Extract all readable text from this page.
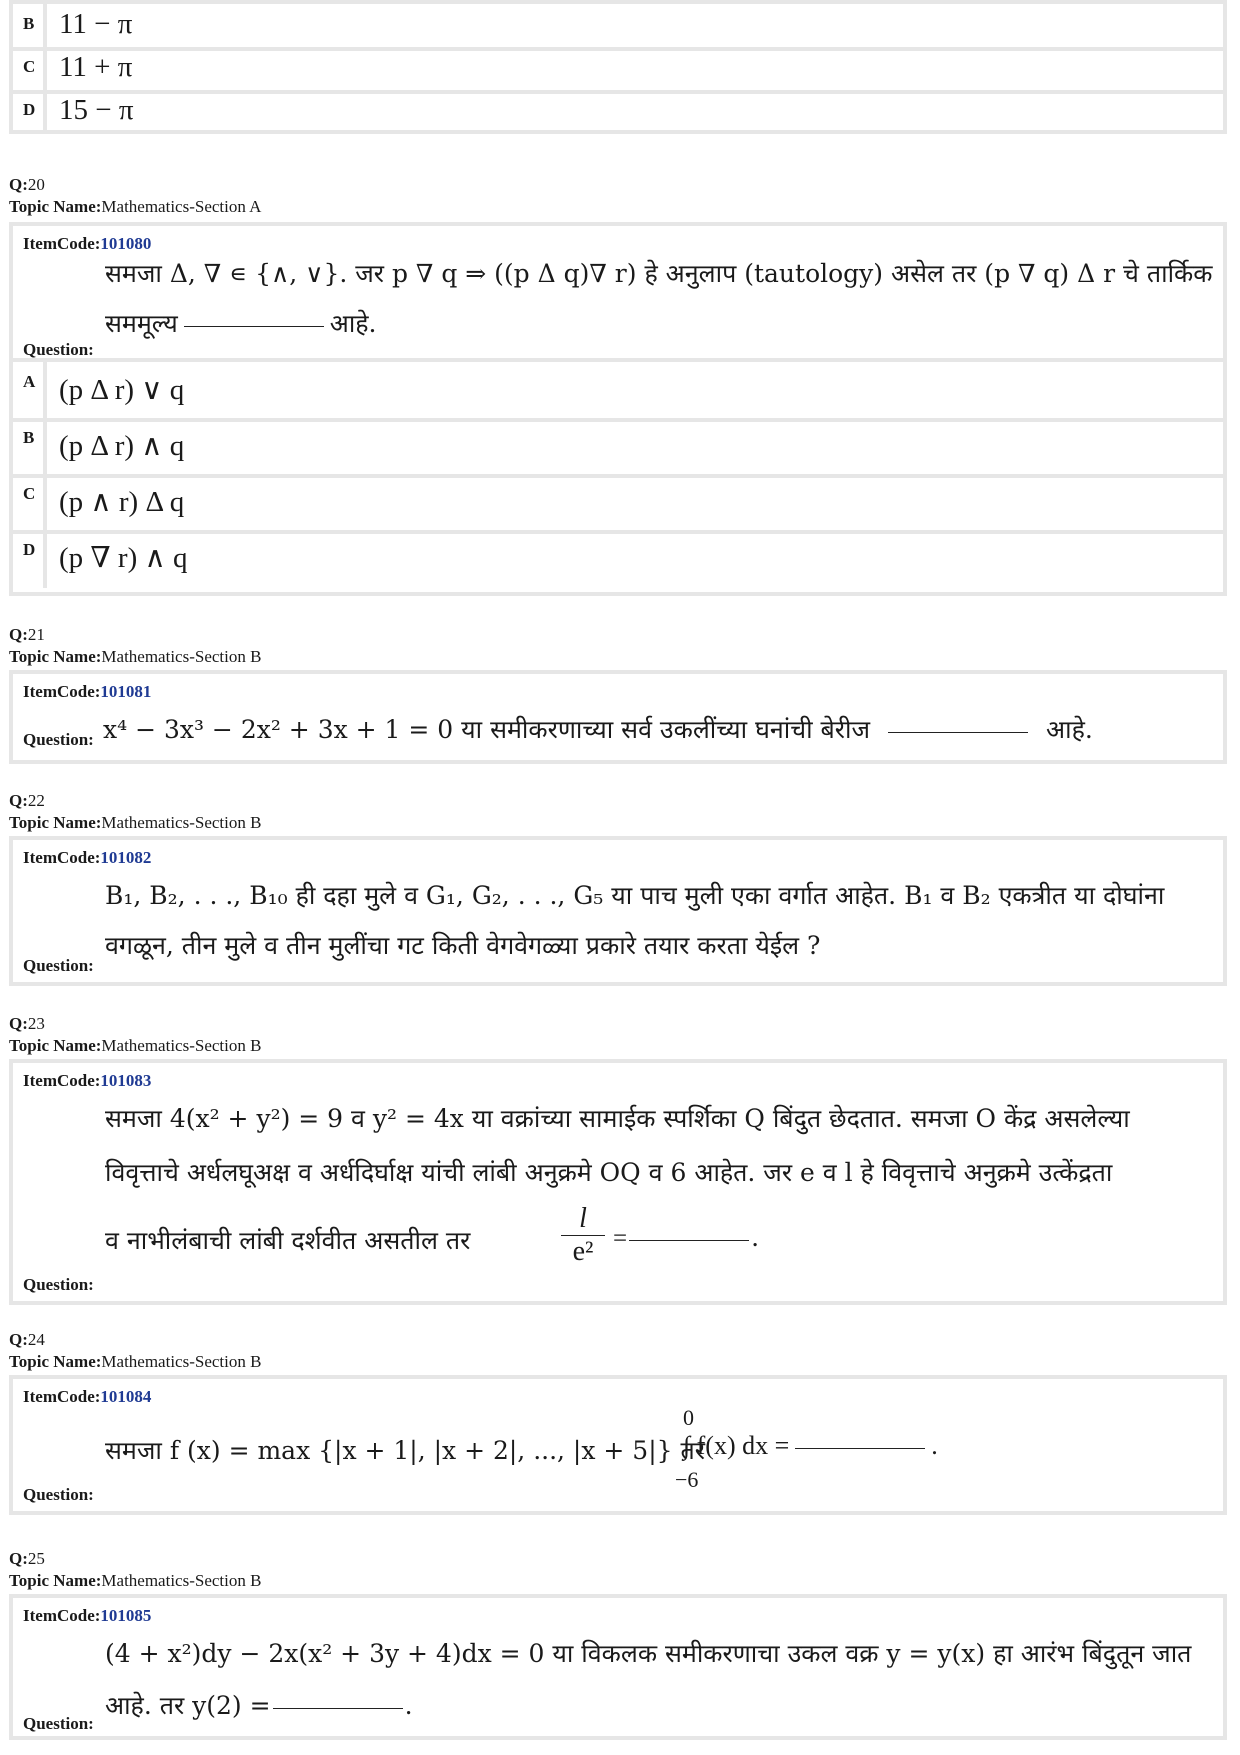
B 11 − π
C 11 + π
D 15 − π
Q:20
Topic Name:Mathematics-Section A
ItemCode:101080
समजा Δ, ∇ ∊ {∧, ∨}. जर p ∇ q ⇒ ((p Δ q)∇ r) हे अनुलाप (tautology) असेल तर (p ∇ q) Δ r चे तार्किक
सममूल्य	आहे.
Question:
A (p Δ r) ∨ q
B (p Δ r) ∧ q
C (p ∧ r) Δ q
D (p ∇ r) ∧ q
Q:21
Topic Name:Mathematics-Section B
ItemCode:101081
x⁴ − 3x³ − 2x² + 3x + 1 = 0 या समीकरणाच्या सर्व उकलींच्या घनांची बेरीज	आहे.
Question:
Q:22
Topic Name:Mathematics-Section B
ItemCode:101082
B₁, B₂, . . ., B₁₀ ही दहा मुले व G₁, G₂, . . ., G₅ या पाच मुली एका वर्गात आहेत. B₁ व B₂ एकत्रीत या दोघांना
वगळून, तीन मुले व तीन मुलींचा गट किती वेगवेगळ्या प्रकारे तयार करता येईल ?
Question:
Q:23
Topic Name:Mathematics-Section B
ItemCode:101083
समजा 4(x² + y²) = 9 व y² = 4x या वक्रांच्या सामाईक स्पर्शिका Q बिंदुत छेदतात. समजा O केंद्र असलेल्या
विवृत्ताचे अर्धलघूअक्ष व अर्धदिर्घाक्ष यांची लांबी अनुक्रमे OQ व 6 आहेत. जर e व l हे विवृत्ताचे अनुक्रमे उत्केंद्रता
व नाभीलंबाची लांबी दर्शवीत असतील तर
l
e² =	.
Question:
Q:24
Topic Name:Mathematics-Section B
ItemCode:101084
समजा f (x) = max {|x + 1|, |x + 2|, ..., |x + 5|} तर
0
∫ f(x) dx =	.
−6
Question:
Q:25
Topic Name:Mathematics-Section B
ItemCode:101085
(4 + x²)dy − 2x(x² + 3y + 4)dx = 0 या विकलक समीकरणाचा उकल वक्र y = y(x) हा आरंभ बिंदुतून जात
आहे. तर y(2) =	.
Question:
